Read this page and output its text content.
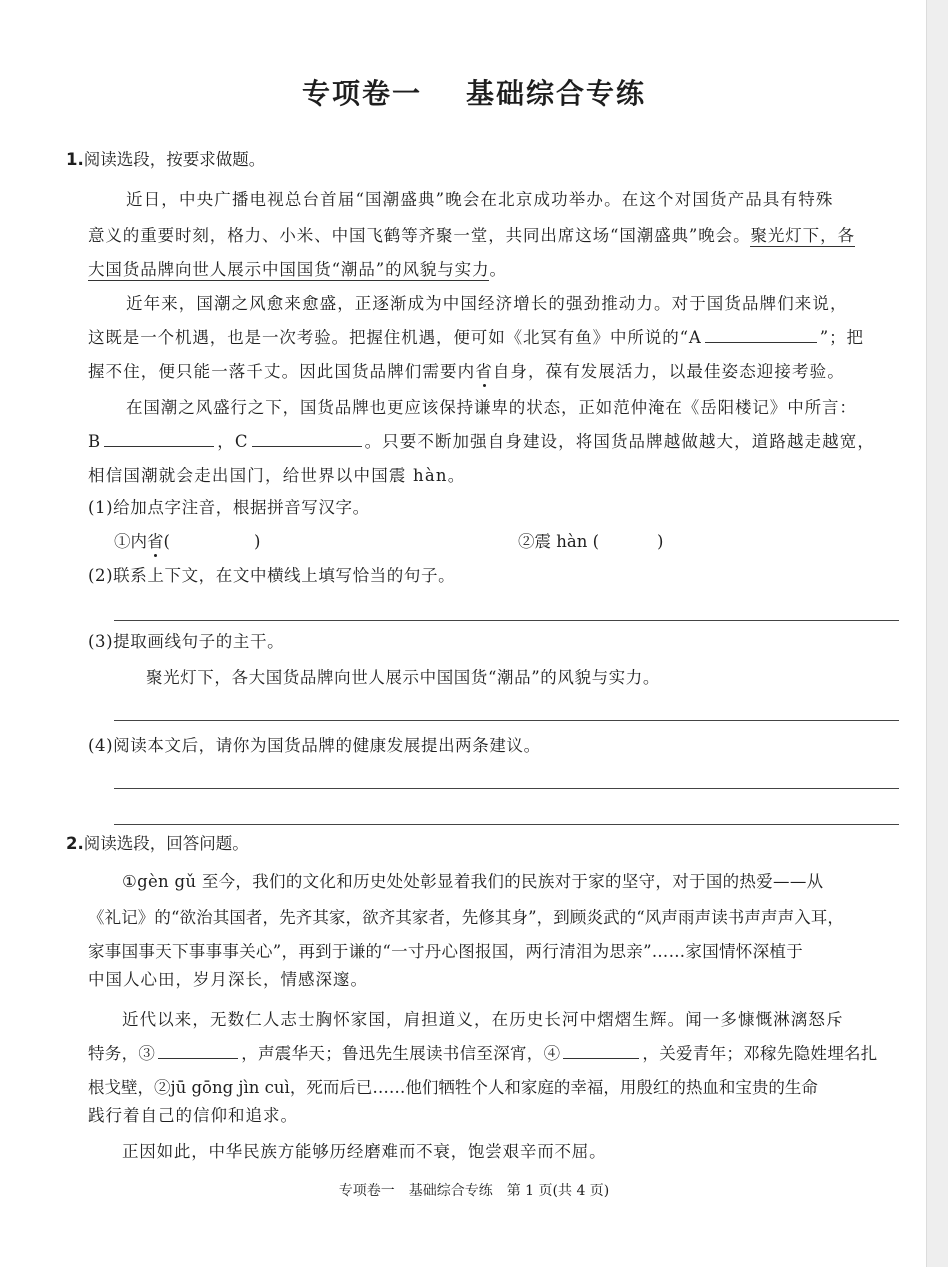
专项卷一 基础综合专练
1.阅读选段，按要求做题。
近日，中央广播电视总台首届“国潮盛典”晚会在北京成功举办。在这个对国货产品具有特殊
意义的重要时刻，格力、小米、中国飞鹤等齐聚一堂，共同出席这场“国潮盛典”晚会。聚光灯下，各
大国货品牌向世人展示中国国货“潮品”的风貌与实力。
近年来，国潮之风愈来愈盛，正逐渐成为中国经济增长的强劲推动力。对于国货品牌们来说，
这既是一个机遇，也是一次考验。把握住机遇，便可如《北冥有鱼》中所说的“A	”；把
握不住，便只能一落千丈。因此国货品牌们需要内省自身，葆有发展活力，以最佳姿态迎接考验。
在国潮之风盛行之下，国货品牌也更应该保持谦卑的状态，正如范仲淹在《岳阳楼记》中所言：
B	，C	。只要不断加强自身建设，将国货品牌越做越大，道路越走越宽，
相信国潮就会走出国门，给世界以中国震 hàn。
(1)给加点字注音，根据拼音写汉字。
①内省(	)	②震 hàn (	)
(2)联系上下文，在文中横线上填写恰当的句子。
(3)提取画线句子的主干。
聚光灯下，各大国货品牌向世人展示中国国货“潮品”的风貌与实力。
(4)阅读本文后，请你为国货品牌的健康发展提出两条建议。
2.阅读选段，回答问题。
①gèn gǔ 至今，我们的文化和历史处处彰显着我们的民族对于家的坚守，对于国的热爱——从
《礼记》的“欲治其国者，先齐其家，欲齐其家者，先修其身”，到顾炎武的“风声雨声读书声声声入耳，
家事国事天下事事事关心”，再到于谦的“一寸丹心图报国，两行清泪为思亲”……家国情怀深植于
中国人心田，岁月深长，情感深邃。
近代以来，无数仁人志士胸怀家国，肩担道义，在历史长河中熠熠生辉。闻一多慷慨淋漓怒斥
特务，③	，声震华天；鲁迅先生展读书信至深宵，④	，关爱青年；邓稼先隐姓埋名扎
根戈壁，②jū gōng jìn cuì，死而后已……他们牺牲个人和家庭的幸福，用殷红的热血和宝贵的生命
践行着自己的信仰和追求。
正因如此，中华民族方能够历经磨难而不衰，饱尝艰辛而不屈。
专项卷一　基础综合专练　第 1 页(共 4 页)
